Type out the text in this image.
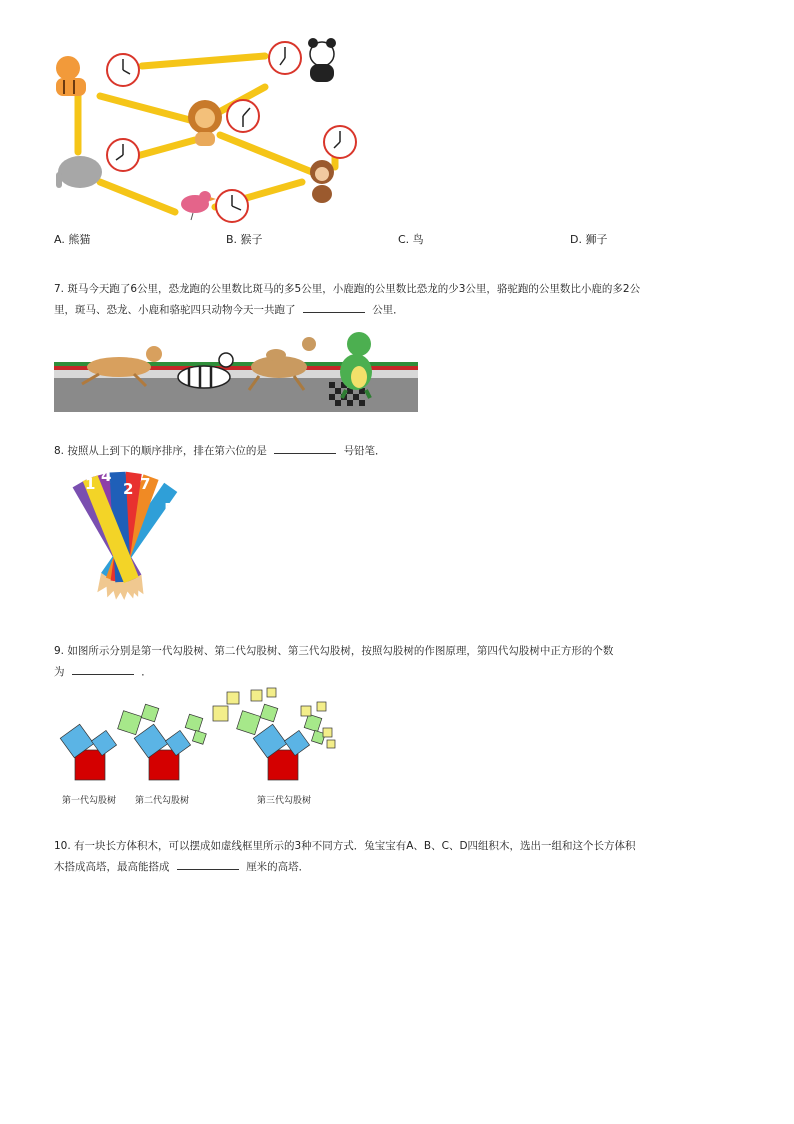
A. 熊猫	B. 猴子	C. 鸟	D. 狮子
7. 斑马今天跑了6公里，恐龙跑的公里数比斑马的多5公里，小鹿跑的公里数比恐龙的少3公里，骆驼跑的公里数比小鹿的多2公
里，斑马、恐龙、小鹿和骆驼四只动物今天一共跑了	公里．
8. 按照从上到下的顺序排序，排在第六位的是	号铅笔．
1 4
2 7
3
6
5
9. 如图所示分别是第一代勾股树、第二代勾股树、第三代勾股树，按照勾股树的作图原理，第四代勾股树中正方形的个数
为	．
第一代勾股树 第二代勾股树	第三代勾股树
10. 有一块长方体积木，可以摆成如虚线框里所示的3种不同方式．兔宝宝有A、B、C、D四组积木，选出一组和这个长方体积
木搭成高塔，最高能搭成	厘米的高塔．
